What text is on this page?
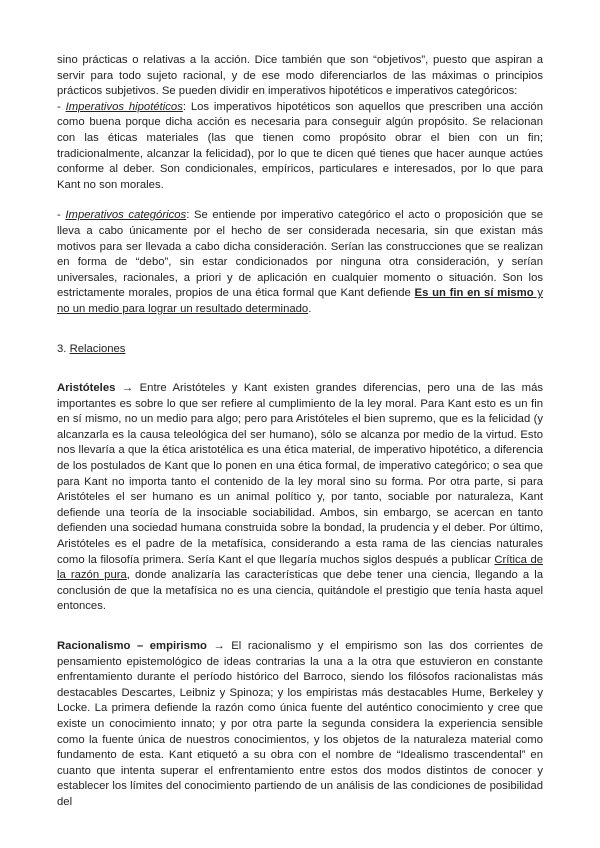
sino prácticas o relativas a la acción. Dice también que son “objetivos”, puesto que aspiran a servir para todo sujeto racional, y de ese modo diferenciarlos de las máximas o principios prácticos subjetivos. Se pueden dividir en imperativos hipotéticos e imperativos categóricos:

- Imperativos hipotéticos: Los imperativos hipotéticos son aquellos que prescriben una acción como buena porque dicha acción es necesaria para conseguir algún propósito. Se relacionan con las éticas materiales (las que tienen como propósito obrar el bien con un fin; tradicionalmente, alcanzar la felicidad), por lo que te dicen qué tienes que hacer aunque actúes conforme al deber. Son condicionales, empíricos, particulares e interesados, por lo que para Kant no son morales.

- Imperativos categóricos: Se entiende por imperativo categórico el acto o proposición que se lleva a cabo únicamente por el hecho de ser considerada necesaria, sin que existan más motivos para ser llevada a cabo dicha consideración. Serían las construcciones que se realizan en forma de “debo”, sin estar condicionados por ninguna otra consideración, y serían universales, racionales, a priori y de aplicación en cualquier momento o situación. Son los estrictamente morales, propios de una ética formal que Kant defiende Es un fin en sí mismo y no un medio para lograr un resultado determinado.

3. Relaciones

Aristóteles → Entre Aristóteles y Kant existen grandes diferencias, pero una de las más importantes es sobre lo que ser refiere al cumplimiento de la ley moral. Para Kant esto es un fin en sí mismo, no un medio para algo; pero para Aristóteles el bien supremo, que es la felicidad (y alcanzarla es la causa teleológica del ser humano), sólo se alcanza por medio de la virtud. Esto nos llevaría a que la ética aristotélica es una ética material, de imperativo hipotético, a diferencia de los postulados de Kant que lo ponen en una ética formal, de imperativo categórico; o sea que para Kant no importa tanto el contenido de la ley moral sino su forma. Por otra parte, si para Aristóteles el ser humano es un animal político y, por tanto, sociable por naturaleza, Kant defiende una teoría de la insociable sociabilidad. Ambos, sin embargo, se acercan en tanto defienden una sociedad humana construida sobre la bondad, la prudencia y el deber. Por último, Aristóteles es el padre de la metafísica, considerando a esta rama de las ciencias naturales como la filosofía primera. Sería Kant el que llegaría muchos siglos después a publicar Crítica de la razón pura, donde analizaría las características que debe tener una ciencia, llegando a la conclusión de que la metafísica no es una ciencia, quitándole el prestigio que tenía hasta aquel entonces.

Racionalismo – empirismo → El racionalismo y el empirismo son las dos corrientes de pensamiento epistemológico de ideas contrarias la una a la otra que estuvieron en constante enfrentamiento durante el período histórico del Barroco, siendo los filósofos racionalistas más destacables Descartes, Leibniz y Spinoza; y los empiristas más destacables Hume, Berkeley y Locke. La primera defiende la razón como única fuente del auténtico conocimiento y cree que existe un conocimiento innato; y por otra parte la segunda considera la experiencia sensible como la fuente única de nuestros conocimientos, y los objetos de la naturaleza material como fundamento de esta. Kant etiquetó a su obra con el nombre de “Idealismo trascendental” en cuanto que intenta superar el enfrentamiento entre estos dos modos distintos de conocer y establecer los límites del conocimiento partiendo de un análisis de las condiciones de posibilidad del
